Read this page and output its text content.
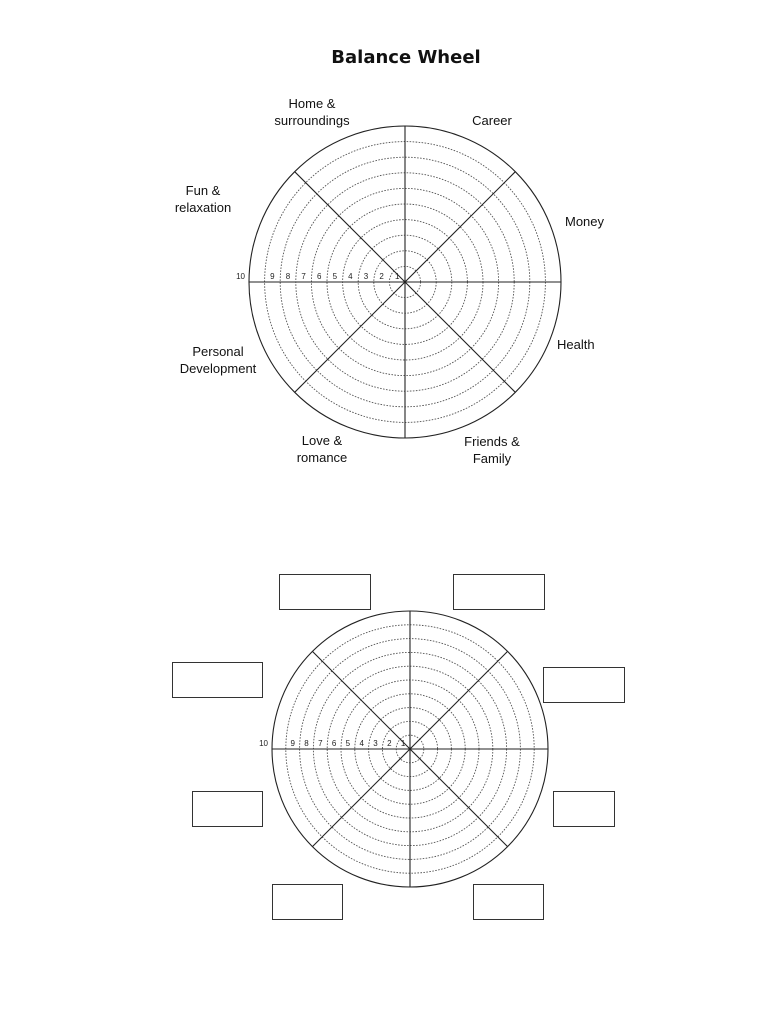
Balance Wheel
Home &
surroundings	Career
Fun &
relaxation
Money
Personal
Development
Health
Love &
romance
Friends &
Family
1
2
3
4
5
6
7
8
9
10
1
2
3
4
5
6
7
8
9
10
